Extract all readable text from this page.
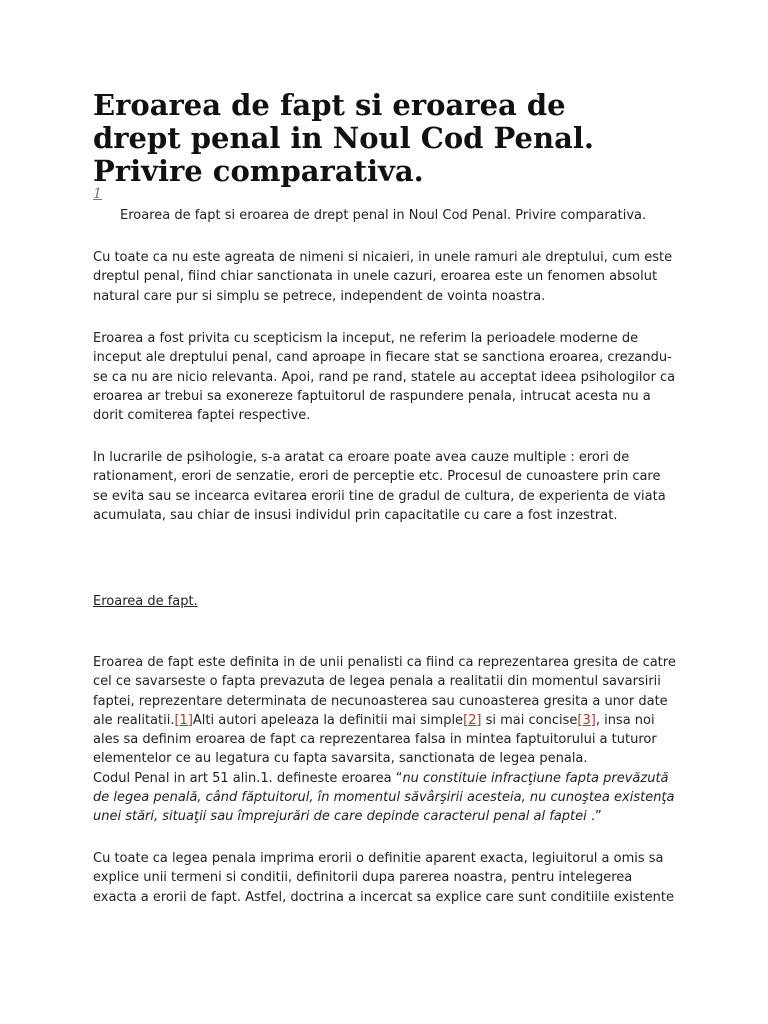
Eroarea de fapt si eroarea de
drept penal in Noul Cod Penal.
Privire comparativa.
1
Eroarea de fapt si eroarea de drept penal in Noul Cod Penal. Privire comparativa.
Cu toate ca nu este agreata de nimeni si nicaieri, in unele ramuri ale dreptului, cum este
dreptul penal, fiind chiar sanctionata in unele cazuri, eroarea este un fenomen absolut
natural care pur si simplu se petrece, independent de vointa noastra.
Eroarea a fost privita cu scepticism la inceput, ne referim la perioadele moderne de
inceput ale dreptului penal, cand aproape in fiecare stat se sanctiona eroarea, crezandu-
se ca nu are nicio relevanta. Apoi, rand pe rand, statele au acceptat ideea psihologilor ca
eroarea ar trebui sa exonereze faptuitorul de raspundere penala, intrucat acesta nu a
dorit comiterea faptei respective.
In lucrarile de psihologie, s-a aratat ca eroare poate avea cauze multiple : erori de
rationament, erori de senzatie, erori de perceptie etc. Procesul de cunoastere prin care
se evita sau se incearca evitarea erorii tine de gradul de cultura, de experienta de viata
acumulata, sau chiar de insusi individul prin capacitatile cu care a fost inzestrat.
Eroarea de fapt.
Eroarea de fapt este definita in de unii penalisti ca fiind ca reprezentarea gresita de catre
cel ce savarseste o fapta prevazuta de legea penala a realitatii din momentul savarsirii
faptei, reprezentare determinata de necunoasterea sau cunoasterea gresita a unor date
ale realitatii.[1]Alti autori apeleaza la definitii mai simple[2] si mai concise[3], insa noi
ales sa definim eroarea de fapt ca reprezentarea falsa in mintea faptuitorului a tuturor
elementelor ce au legatura cu fapta savarsita, sanctionata de legea penala.
Codul Penal in art 51 alin.1. defineste eroarea “nu constituie infracţiune fapta prevăzută
de legea penală, când făptuitorul, în momentul săvârşirii acesteia, nu cunoştea existenţa
unei stări, situaţii sau împrejurări de care depinde caracterul penal al faptei .”
Cu toate ca legea penala imprima erorii o definitie aparent exacta, legiuitorul a omis sa
explice unii termeni si conditii, definitorii dupa parerea noastra, pentru intelegerea
exacta a erorii de fapt. Astfel, doctrina a incercat sa explice care sunt conditiile existente
